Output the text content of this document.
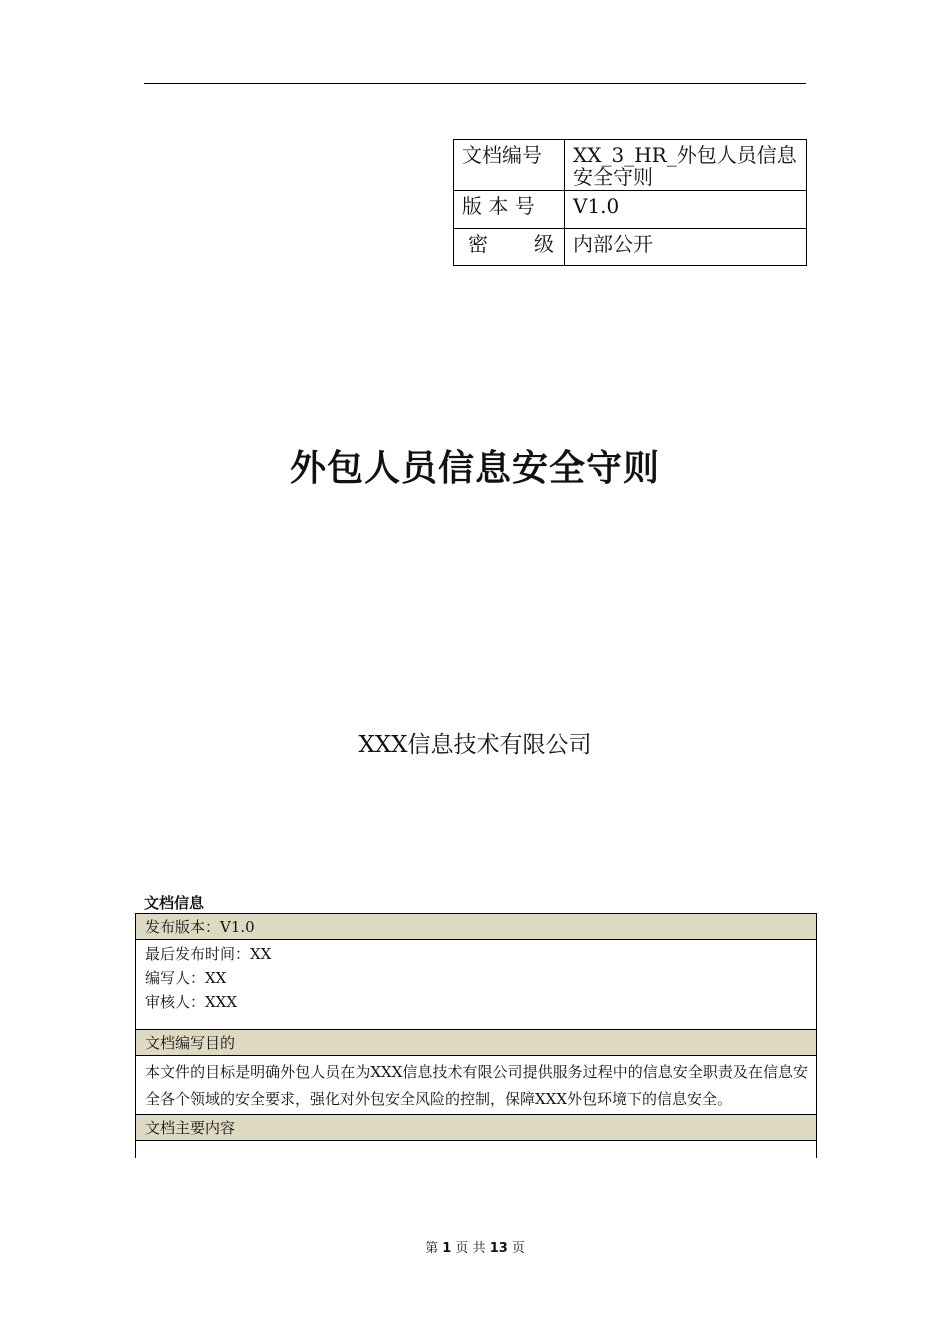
文档编号	XX_3_HR_外包人员信息安全守则
版 本 号	V1.0

密 级	内部公开
外包人员信息安全守则
XXX信息技术有限公司
文档信息
发布版本：V1.0
最后发布时间：XX
编写人：XX
审核人：XXX
文档编写目的
本文件的目标是明确外包人员在为XXX信息技术有限公司提供服务过程中的信息安全职责及在信息安全各个领域的安全要求，强化对外包安全风险的控制，保障XXX外包环境下的信息安全。
文档主要内容
第 1 页 共 13 页
